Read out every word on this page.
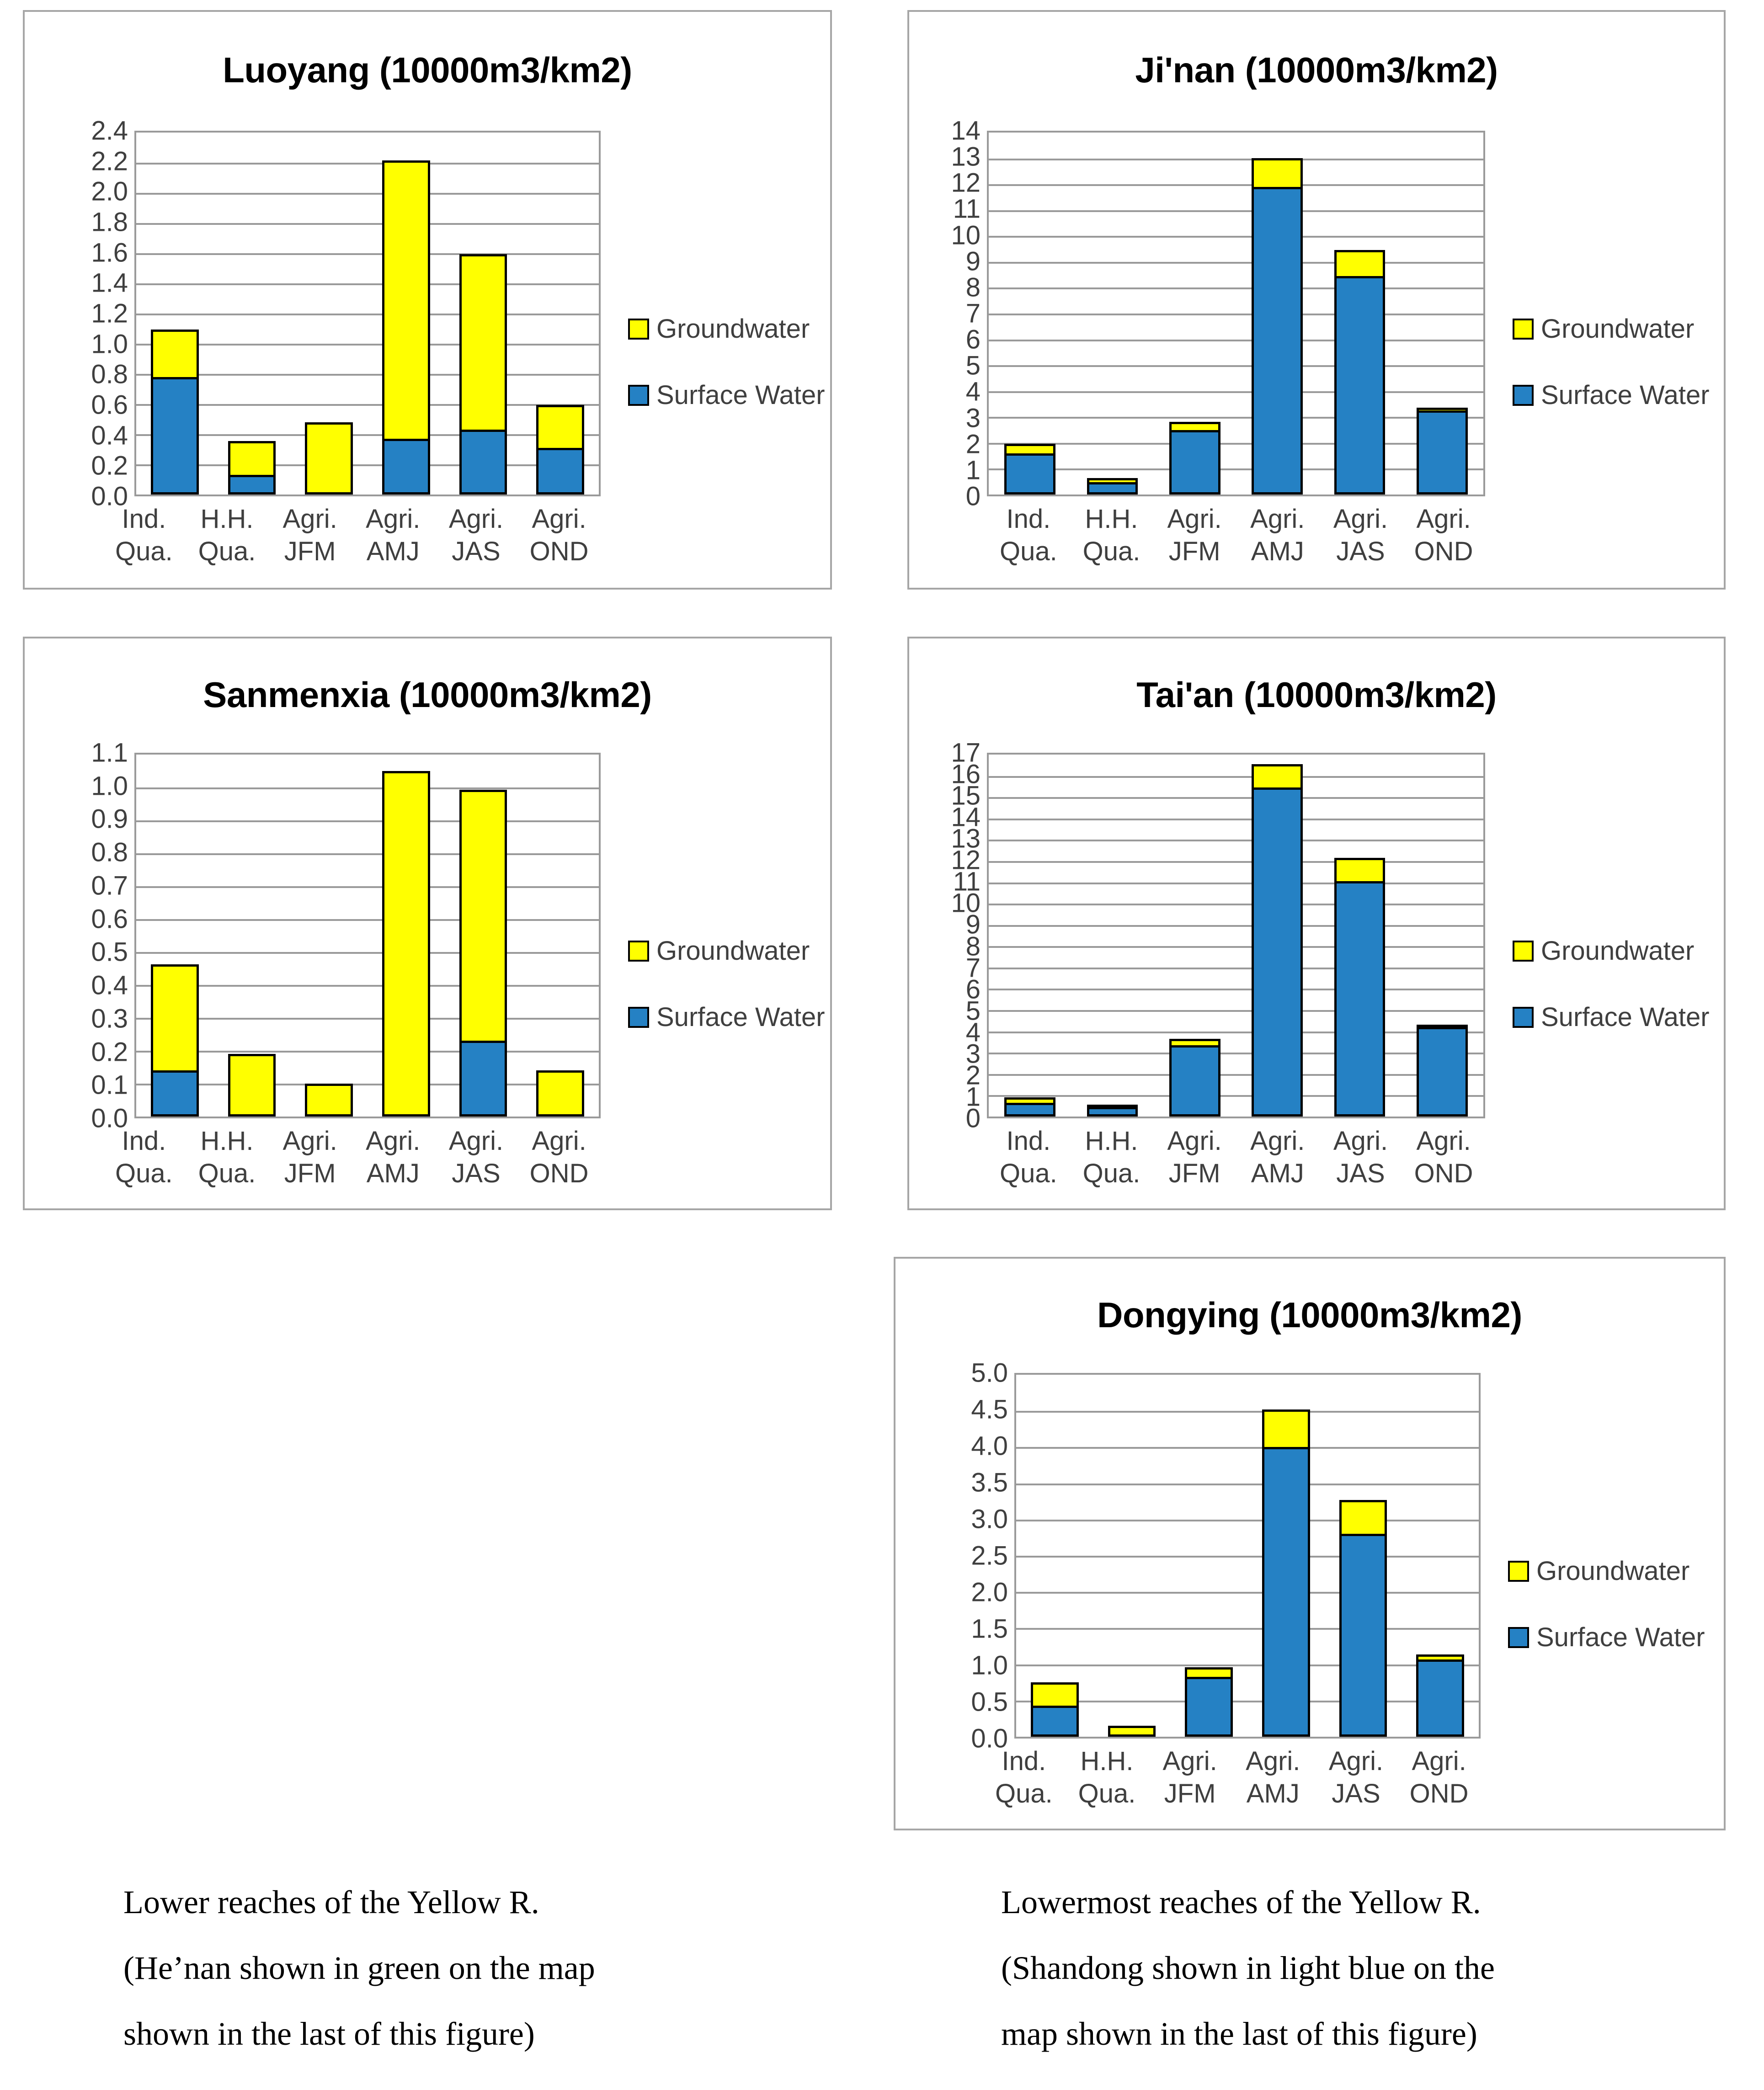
Luoyang (10000m3/km2)
2.4
2.2
2.0
1.8
1.6
1.4
1.2
1.0
0.8
0.6
0.4
0.2
0.0
Ind.
Qua.
H.H.
Qua.
Agri.
JFM
Agri.
AMJ
Agri.
JAS
Agri.
OND
Groundwater
Surface Water
Ji'nan (10000m3/km2)
14
13
12
11
10
9
8
7
6
5
4
3
2
1
0
Ind.
Qua.
H.H.
Qua.
Agri.
JFM
Agri.
AMJ
Agri.
JAS
Agri.
OND
Groundwater
Surface Water
Sanmenxia (10000m3/km2)
1.1
1.0
0.9
0.8
0.7
0.6
0.5
0.4
0.3
0.2
0.1
0.0
Ind.
Qua.
H.H.
Qua.
Agri.
JFM
Agri.
AMJ
Agri.
JAS
Agri.
OND
Groundwater
Surface Water
Tai'an (10000m3/km2)
17
16
15
14
13
12
11
10
9
8
7
6
5
4
3
2
1
0
Ind.
Qua.
H.H.
Qua.
Agri.
JFM
Agri.
AMJ
Agri.
JAS
Agri.
OND
Groundwater
Surface Water
Dongying (10000m3/km2)
5.0
4.5
4.0
3.5
3.0
2.5
2.0
1.5
1.0
0.5
0.0
Ind.
Qua.
H.H.
Qua.
Agri.
JFM
Agri.
AMJ
Agri.
JAS
Agri.
OND
Groundwater
Surface Water
Lower reaches of the Yellow R.
(He’nan shown in green on the map
shown in the last of this figure)
Lowermost reaches of the Yellow R.
(Shandong shown in light blue on the
map shown in the last of this figure)
